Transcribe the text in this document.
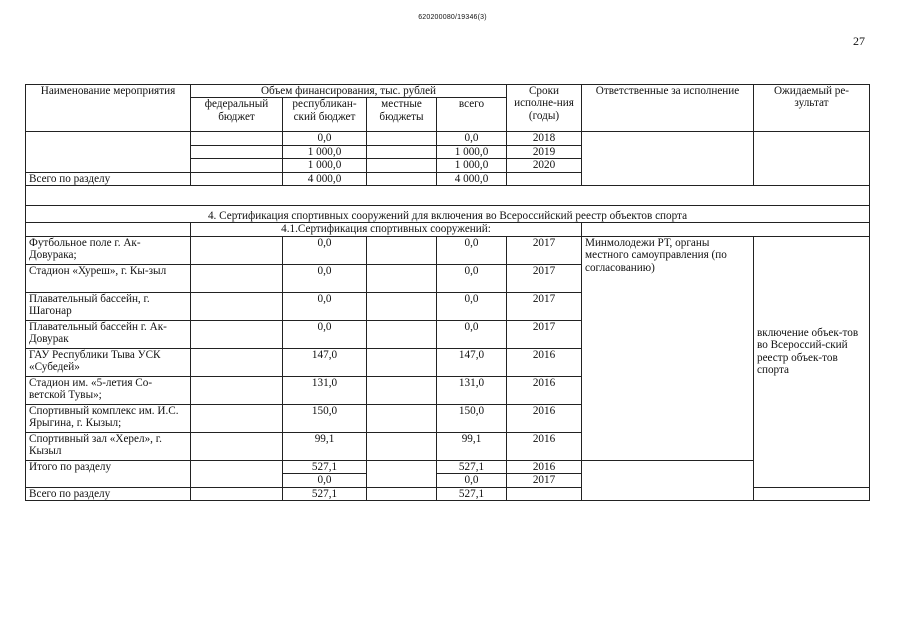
620200080/19346(3)
27
Наименование мероприятия	Объем финансирования, тыс. рублей				Сроки исполне-ния (годы)	Ответственные за исполнение	Ожидаемый ре-зультат
	федеральный бюджет	республикан-ский бюджет	местные бюджеты	всего			
		0,0		0,0	2018		
		1 000,0		1 000,0	2019		
		1 000,0		1 000,0	2020		
Всего по разделу		4 000,0		4 000,0			

4. Сертификация спортивных сооружений для включения во Всероссийский реестр объектов спорта							
	4.1.Сертификация спортивных сооружений:						
Футбольное поле г. Ак-Довурака;		0,0		0,0	2017	Минмолодежи РТ, органы местного самоуправления (по согласованию)	включение объек-тов во Всероссий-ский реестр объек-тов спорта
Стадион «Хуреш», г. Кы-зыл		0,0		0,0	2017		
Плавательный бассейн, г. Шагонар		0,0		0,0	2017		
Плавательный бассейн г. Ак-Довурак		0,0		0,0	2017		
ГАУ Республики Тыва УСК «Субедей»		147,0		147,0	2016		
Стадион им. «5-летия Со-ветской Тувы»;		131,0		131,0	2016		
Спортивный комплекс им. И.С. Ярыгина, г. Кызыл;		150,0		150,0	2016		
Спортивный зал «Херел», г. Кызыл		99,1		99,1	2016		
Итого по разделу		527,1		527,1	2016		
		0,0		0,0	2017		
Всего по разделу		527,1		527,1			
